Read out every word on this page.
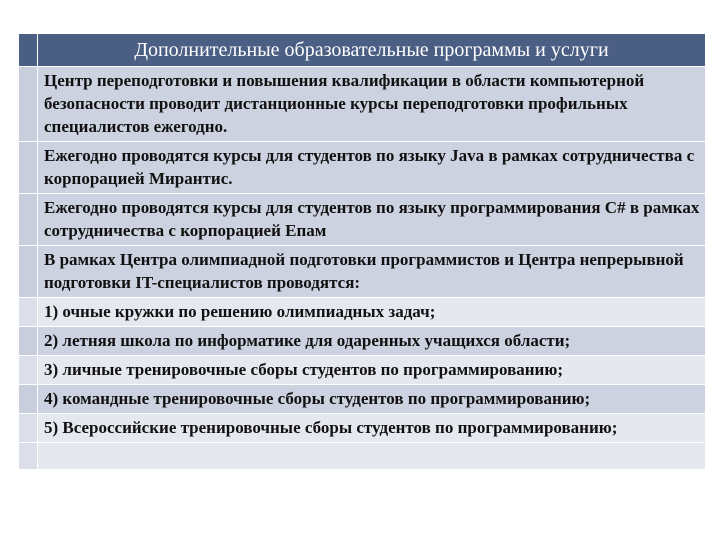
	Дополнительные образовательные программы и услуги
	Центр переподготовки и повышения квалификации в области компьютерной безопасности проводит дистанционные курсы переподготовки профильных специалистов ежегодно.
	Ежегодно проводятся курсы для студентов по языку Java в рамках сотрудничества с корпорацией Мирантис.
	Ежегодно проводятся курсы для студентов по языку программирования С# в рамках сотрудничества с корпорацией Епам
	В рамках Центра олимпиадной подготовки программистов и Центра непрерывной подготовки IT-специалистов проводятся:
	1) очные кружки по решению олимпиадных задач;
	2) летняя школа по информатике для одаренных учащихся области;
	3) личные тренировочные сборы студентов по программированию;
	4) командные тренировочные сборы студентов по программированию;
	5) Всероссийские тренировочные сборы студентов по программированию;
